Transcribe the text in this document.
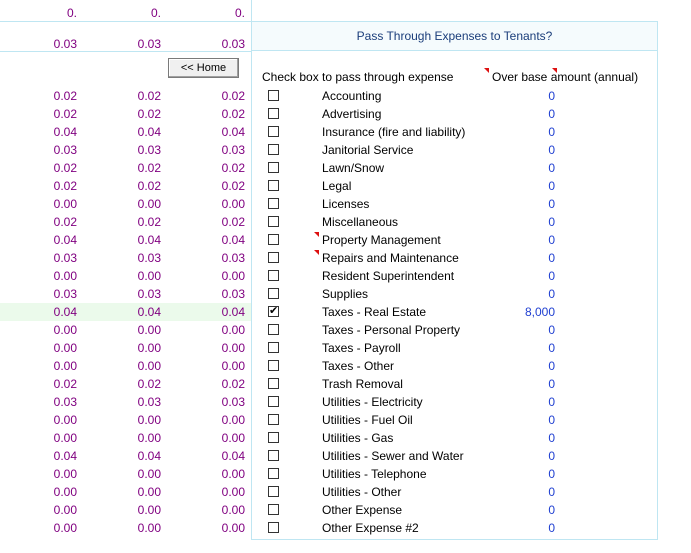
0.	0.	0.
0.03	0.03	0.03
Pass Through Expenses to Tenants?
<< Home
Check box to pass through expense	Over base amount (annual)
0.02	0.02	0.02	Accounting	0
0.02	0.02	0.02	Advertising	0
0.04	0.04	0.04	Insurance (fire and liability)	0
0.03	0.03	0.03	Janitorial Service	0
0.02	0.02	0.02	Lawn/Snow	0
0.02	0.02	0.02	Legal	0
0.00	0.00	0.00	Licenses	0
0.02	0.02	0.02	Miscellaneous	0
0.04	0.04	0.04	Property Management	0
0.03	0.03	0.03	Repairs and Maintenance	0
0.00	0.00	0.00	Resident Superintendent	0
0.03	0.03	0.03	Supplies	0
0.04	0.04	0.04 ✔	Taxes - Real Estate	8,000
0.00	0.00	0.00	Taxes - Personal Property	0
0.00	0.00	0.00	Taxes - Payroll	0
0.00	0.00	0.00	Taxes - Other	0
0.02	0.02	0.02	Trash Removal	0
0.03	0.03	0.03	Utilities - Electricity	0
0.00	0.00	0.00	Utilities - Fuel Oil	0
0.00	0.00	0.00	Utilities - Gas	0
0.04	0.04	0.04	Utilities - Sewer and Water	0
0.00	0.00	0.00	Utilities - Telephone	0
0.00	0.00	0.00	Utilities - Other	0
0.00	0.00	0.00	Other Expense	0
0.00	0.00	0.00	Other Expense #2	0
